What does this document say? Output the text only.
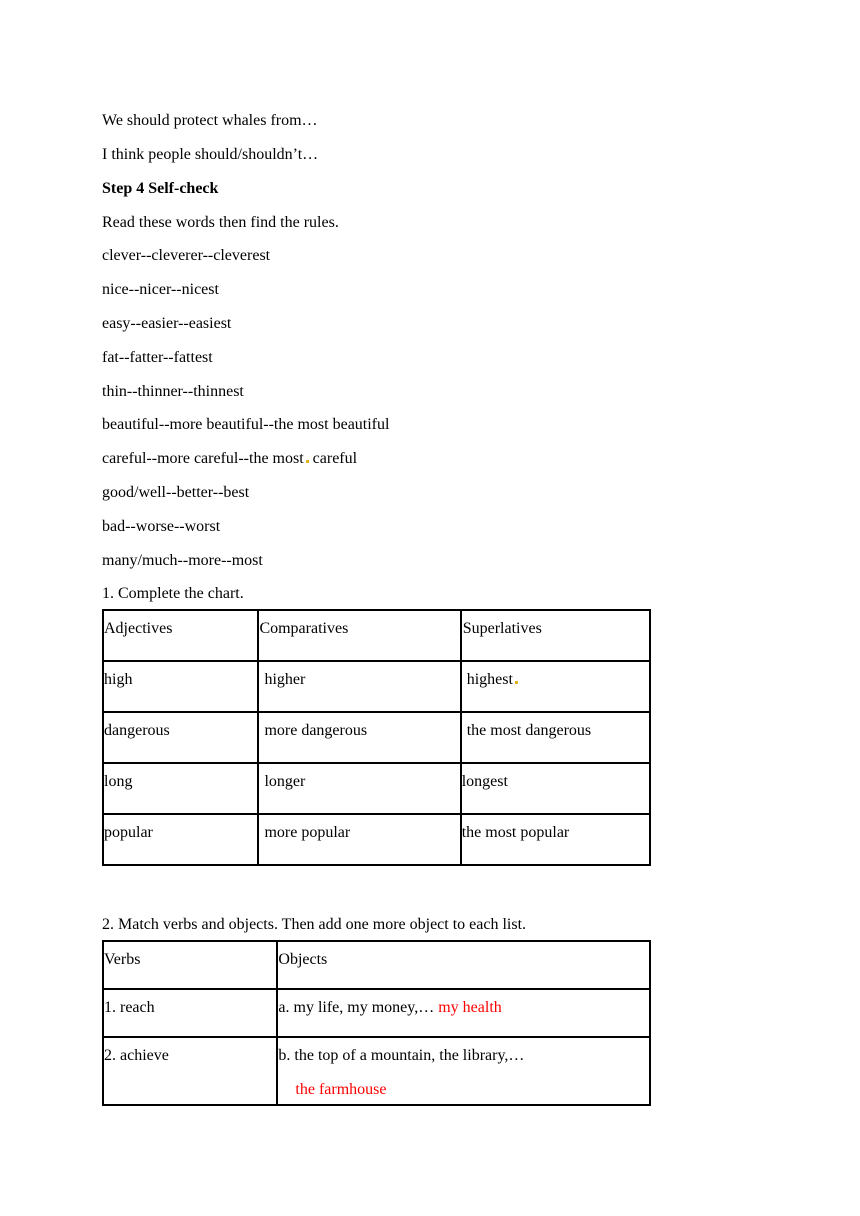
We should protect whales from…
I think people should/shouldn’t…
Step 4 Self-check
Read these words then find the rules.
clever--cleverer--cleverest
nice--nicer--nicest
easy--easier--easiest
fat--fatter--fattest
thin--thinner--thinnest
beautiful--more beautiful--the most beautiful
careful--more careful--the most careful
good/well--better--best
bad--worse--worst
many/much--more--most
1. Complete the chart.
Adjectives	Comparatives	Superlatives

high	higher	highest

dangerous	more dangerous	the most dangerous

long	longer	longest

popular	more popular	the most popular
2. Match verbs and objects. Then add one more object to each list.
Verbs	Objects

1. reach	a. my life, my money,… my health

2. achieve	b. the top of a mountain, the library,…
the farmhouse
